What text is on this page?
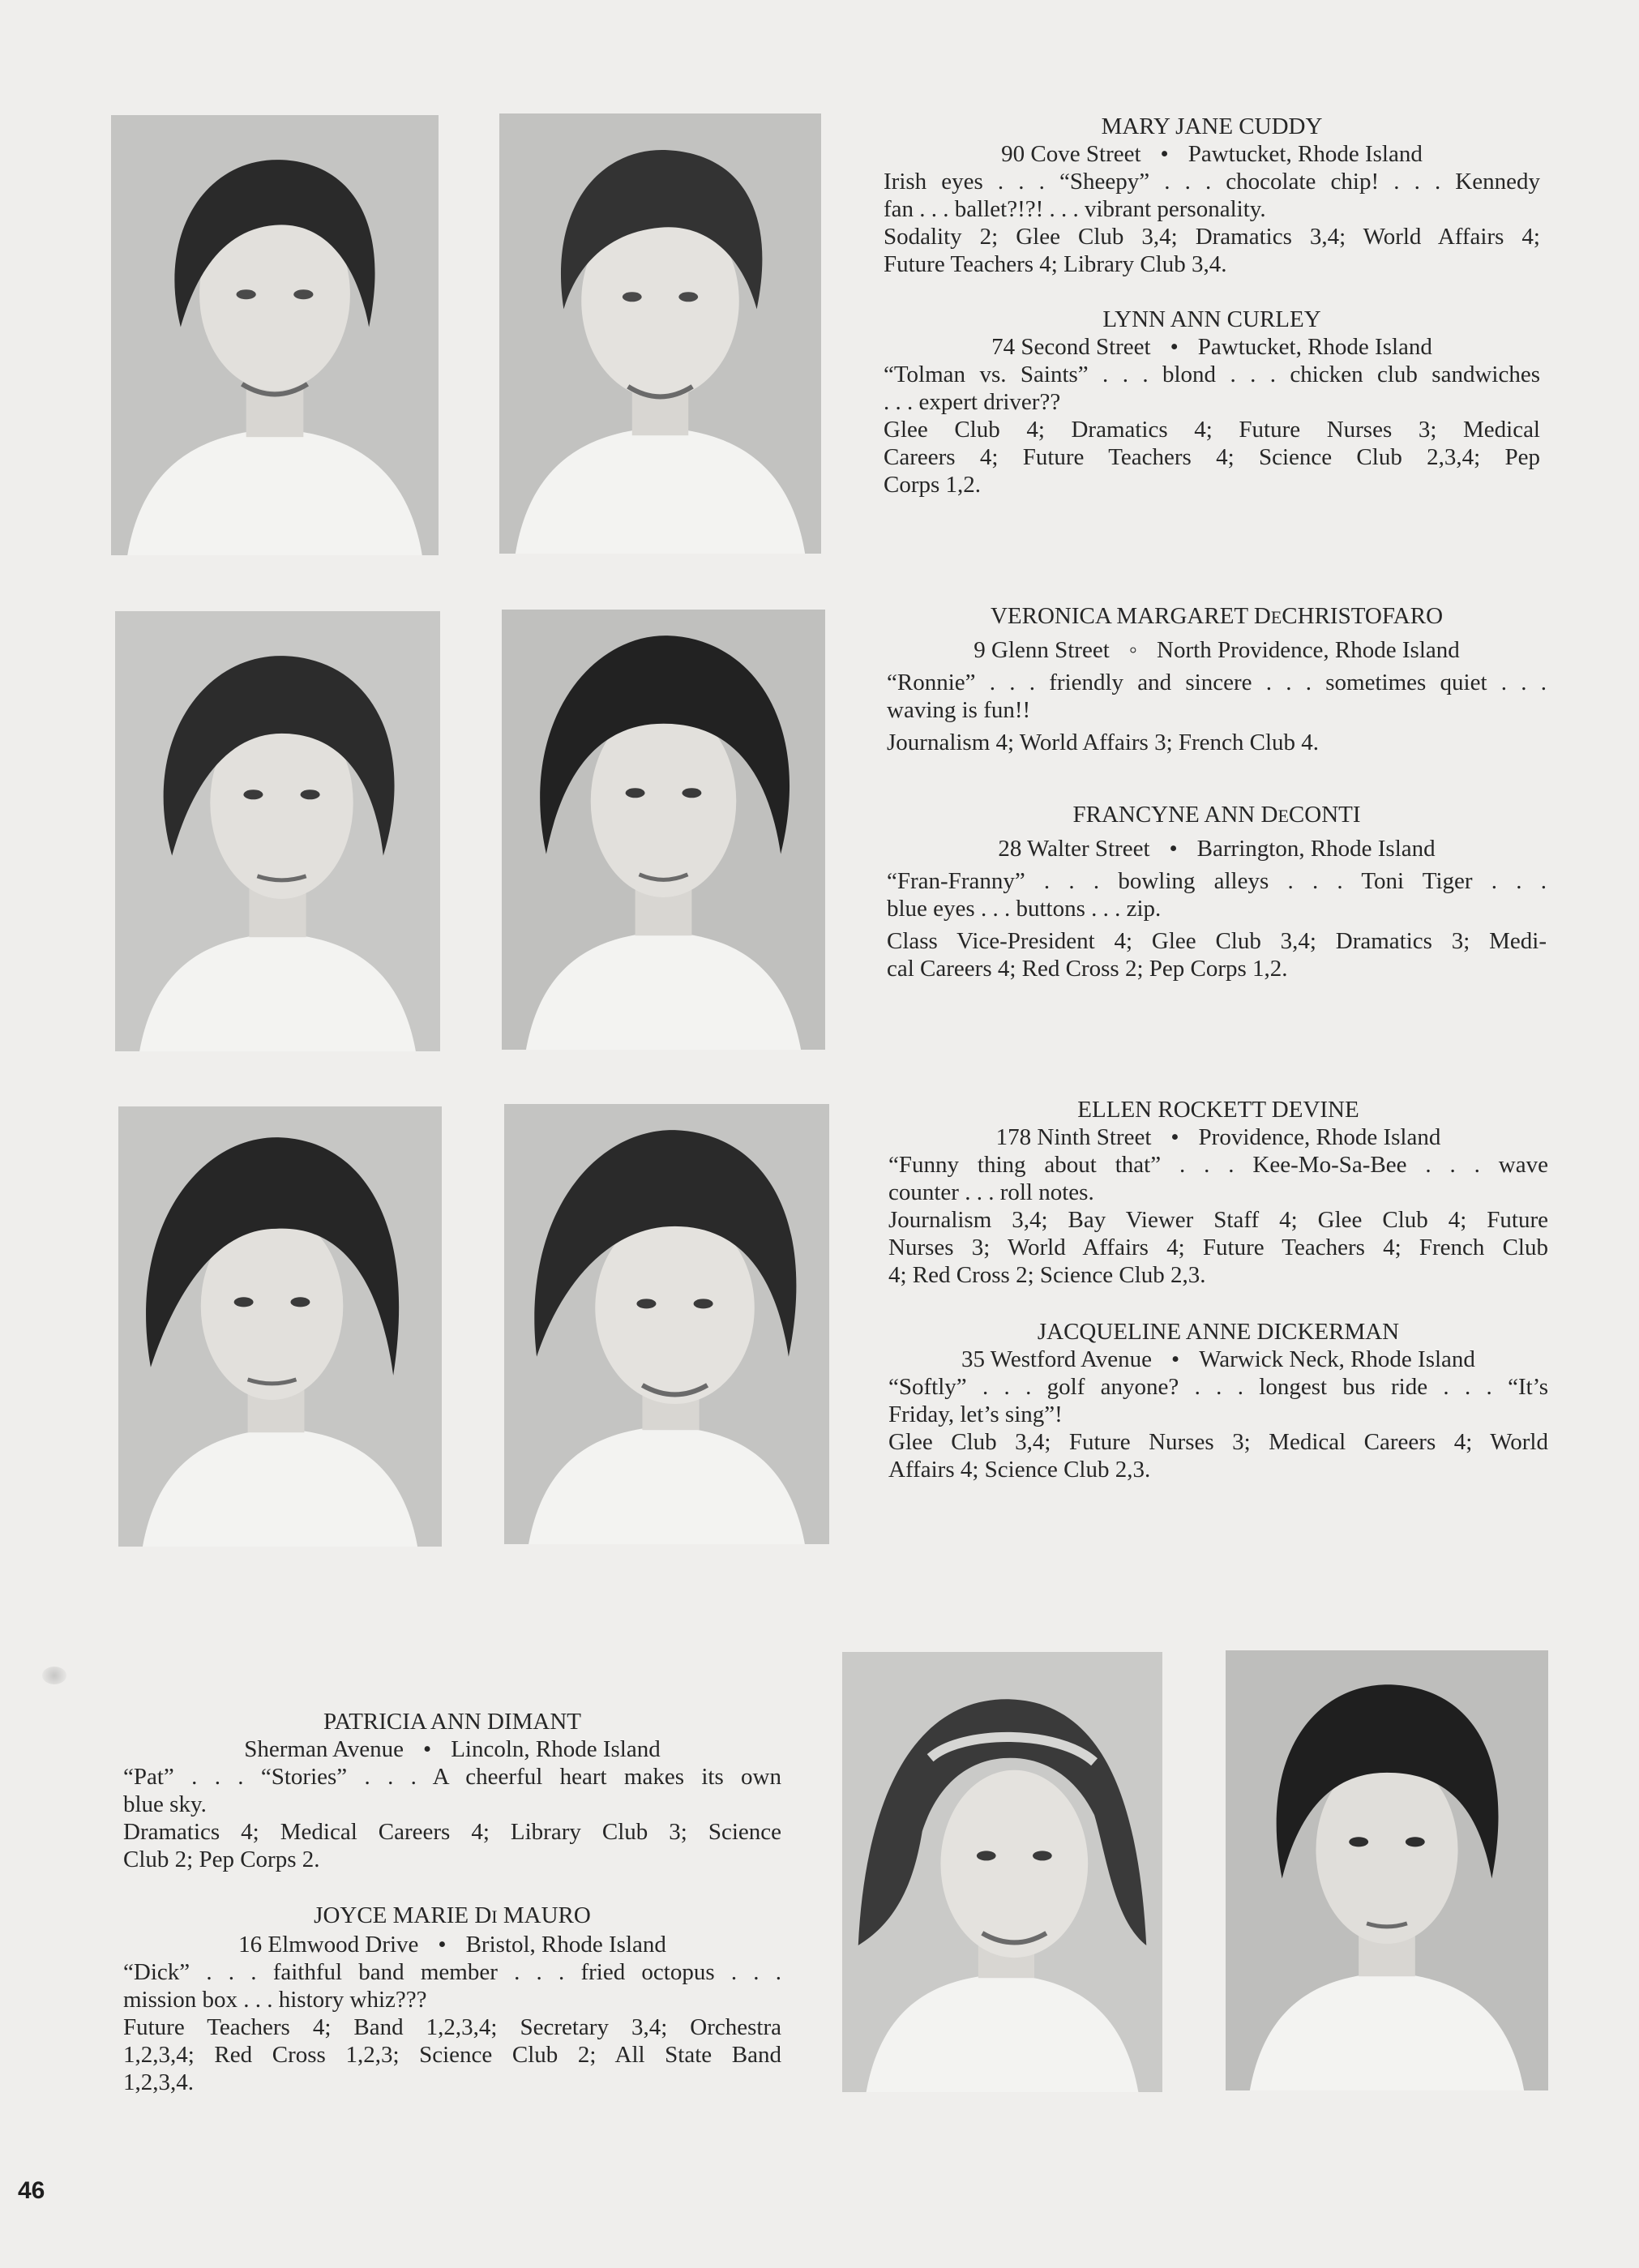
MARY JANE CUDDY
90 Cove Street • Pawtucket, Rhode Island
Irish eyes . . . “Sheepy” . . . chocolate chip! . . . Kennedy
fan . . . ballet?!?! . . . vibrant personality.
Sodality 2; Glee Club 3,4; Dramatics 3,4; World Affairs 4;
Future Teachers 4; Library Club 3,4.
LYNN ANN CURLEY
74 Second Street • Pawtucket, Rhode Island
“Tolman vs. Saints” . . . blond . . . chicken club sandwiches
. . . expert driver??
Glee Club 4; Dramatics 4; Future Nurses 3; Medical
Careers 4; Future Teachers 4; Science Club 2,3,4; Pep
Corps 1,2.
VERONICA MARGARET DECHRISTOFARO
9 Glenn Street ◦ North Providence, Rhode Island
“Ronnie” . . . friendly and sincere . . . sometimes quiet . . .
waving is fun!!
Journalism 4; World Affairs 3; French Club 4.
FRANCYNE ANN DECONTI
28 Walter Street • Barrington, Rhode Island
“Fran-Franny” . . . bowling alleys . . . Toni Tiger . . .
blue eyes . . . buttons . . . zip.
Class Vice-President 4; Glee Club 3,4; Dramatics 3; Medi-
cal Careers 4; Red Cross 2; Pep Corps 1,2.
ELLEN ROCKETT DEVINE
178 Ninth Street • Providence, Rhode Island
“Funny thing about that” . . . Kee-Mo-Sa-Bee . . . wave
counter . . . roll notes.
Journalism 3,4; Bay Viewer Staff 4; Glee Club 4; Future
Nurses 3; World Affairs 4; Future Teachers 4; French Club
4; Red Cross 2; Science Club 2,3.
JACQUELINE ANNE DICKERMAN
35 Westford Avenue • Warwick Neck, Rhode Island
“Softly” . . . golf anyone? . . . longest bus ride . . . “It’s
Friday, let’s sing”!
Glee Club 3,4; Future Nurses 3; Medical Careers 4; World
Affairs 4; Science Club 2,3.
PATRICIA ANN DIMANT
Sherman Avenue • Lincoln, Rhode Island
“Pat” . . . “Stories” . . . A cheerful heart makes its own
blue sky.
Dramatics 4; Medical Careers 4; Library Club 3; Science
Club 2; Pep Corps 2.
JOYCE MARIE DI MAURO
16 Elmwood Drive • Bristol, Rhode Island
“Dick” . . . faithful band member . . . fried octopus . . .
mission box . . . history whiz???
Future Teachers 4; Band 1,2,3,4; Secretary 3,4; Orchestra
1,2,3,4; Red Cross 1,2,3; Science Club 2; All State Band
1,2,3,4.
46
